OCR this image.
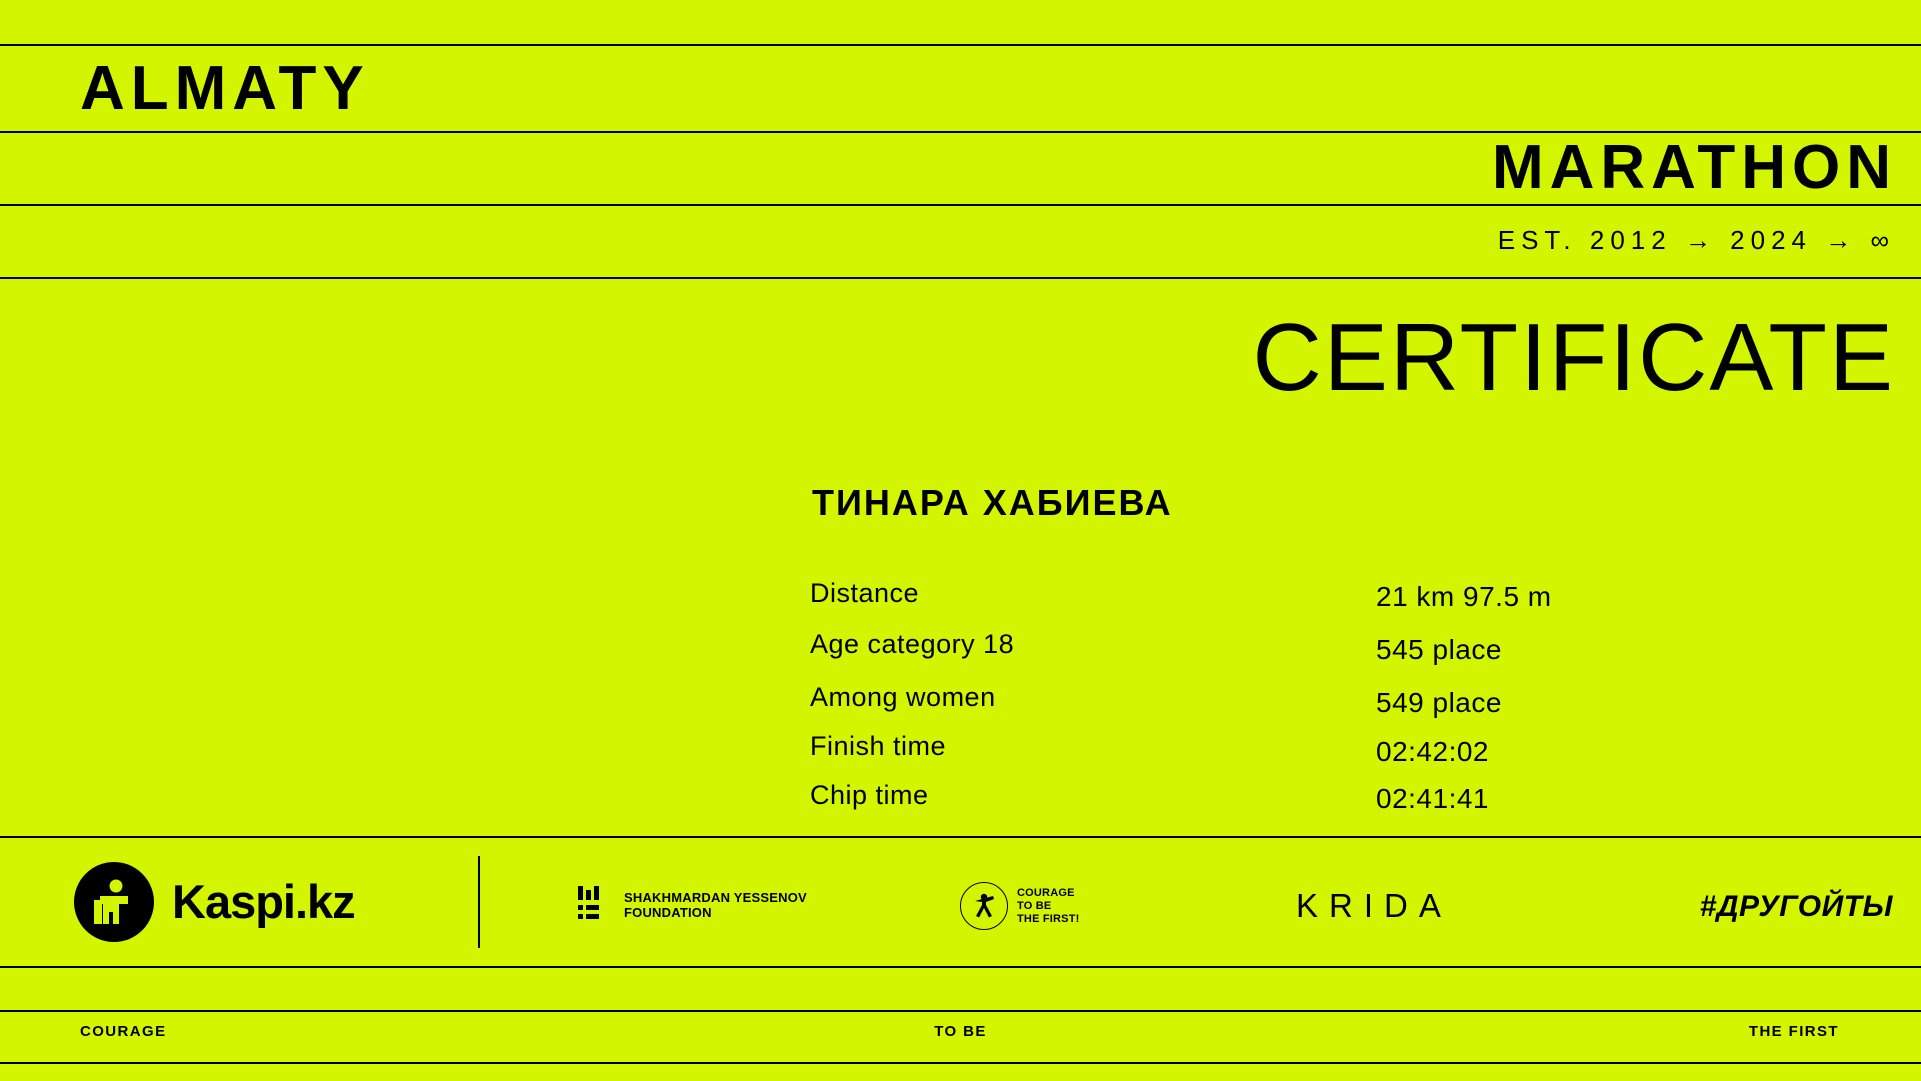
ALMATY
MARATHON
EST. 2012 → 2024 → ∞
CERTIFICATE
ТИНАРА ХАБИЕВА
Distance	21 km 97.5 m
Age category 18	545 place
Among women	549 place
Finish time	02:42:02
Chip time	02:41:41
Kaspi.kz	SHAKHMARDAN YESSENOV
FOUNDATION
COURAGE
TO BE
THE FIRST!	KRIDA	#ДРУГОЙТЫ
COURAGE	TO BE	THE FIRST
